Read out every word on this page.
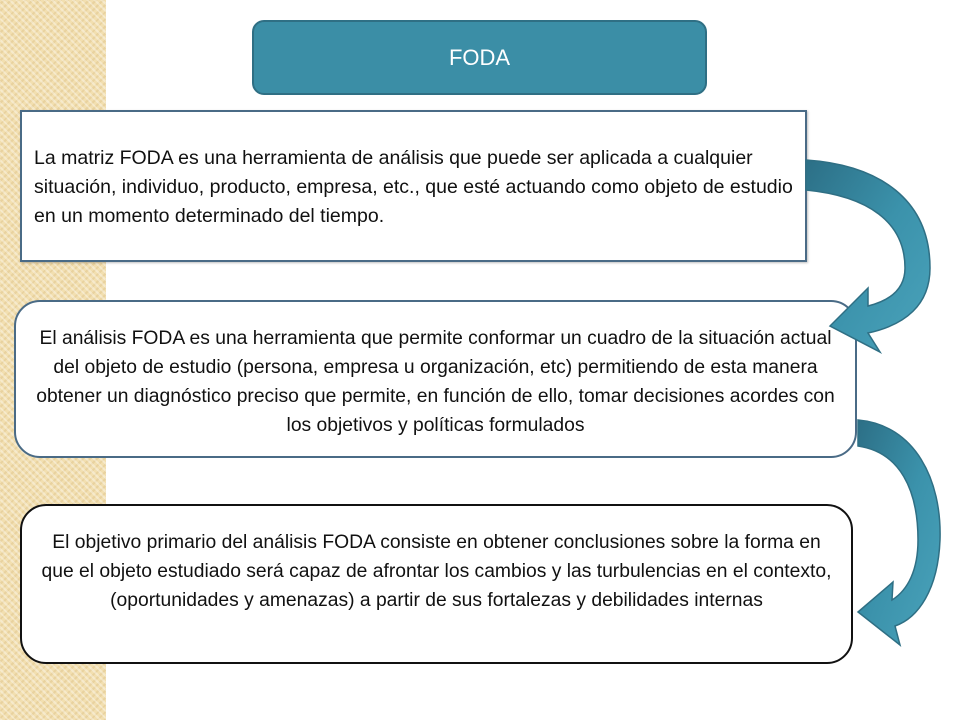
FODA
La matriz FODA es una herramienta de análisis que puede ser aplicada a cualquier situación, individuo, producto, empresa, etc., que esté actuando como objeto de estudio en un momento determinado del tiempo.
El análisis FODA es una herramienta que permite conformar un cuadro de la situación actual del objeto de estudio (persona, empresa u organización, etc) permitiendo de esta manera obtener un diagnóstico preciso que permite, en función de ello, tomar decisiones acordes con los objetivos y políticas formulados
El objetivo primario del análisis FODA consiste en obtener conclusiones sobre la forma en que el objeto estudiado será capaz de afrontar los cambios y las turbulencias en el contexto, (oportunidades y amenazas) a partir de sus fortalezas y debilidades internas
